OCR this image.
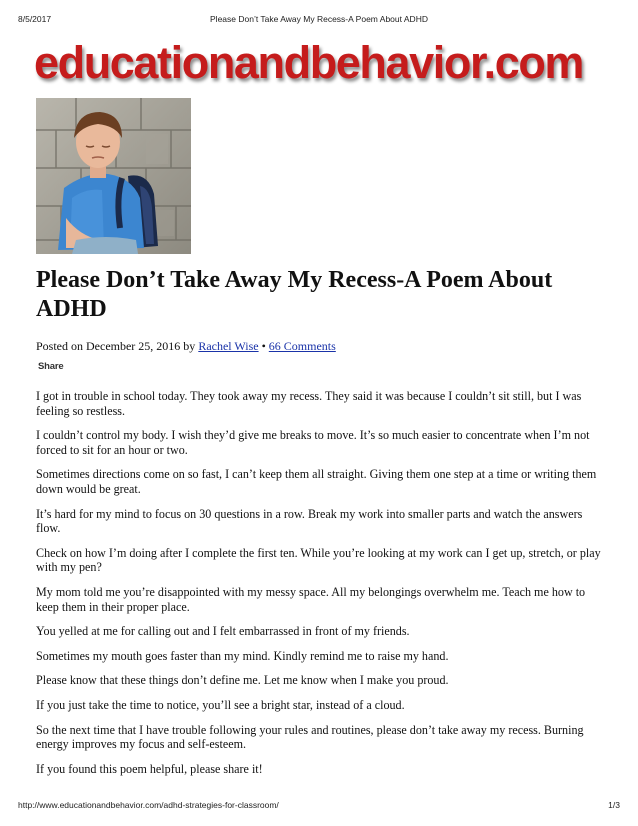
8/5/2017	Please Don’t Take Away My Recess-A Poem About ADHD
educationandbehavior.com
Please Don’t Take Away My Recess-A Poem About ADHD
Posted on December 25, 2016 by Rachel Wise • 66 Comments
Share

I got in trouble in school today. They took away my recess. They said it was because I couldn’t sit still, but I was feeling so restless.

I couldn’t control my body. I wish they’d give me breaks to move. It’s so much easier to concentrate when I’m not forced to sit for an hour or two.

Sometimes directions come on so fast, I can’t keep them all straight. Giving them one step at a time or writing them down would be great.

It’s hard for my mind to focus on 30 questions in a row. Break my work into smaller parts and watch the answers flow.

Check on how I’m doing after I complete the first ten. While you’re looking at my work can I get up, stretch, or play with my pen?

My mom told me you’re disappointed with my messy space. All my belongings overwhelm me. Teach me how to keep them in their proper place.

You yelled at me for calling out and I felt embarrassed in front of my friends.

Sometimes my mouth goes faster than my mind. Kindly remind me to raise my hand.

Please know that these things don’t define me. Let me know when I make you proud.

If you just take the time to notice, you’ll see a bright star, instead of a cloud.

So the next time that I have trouble following your rules and routines, please don’t take away my recess. Burning energy improves my focus and self-esteem.

If you found this poem helpful, please share it!

http://www.educationandbehavior.com/adhd-strategies-for-classroom/	1/3
